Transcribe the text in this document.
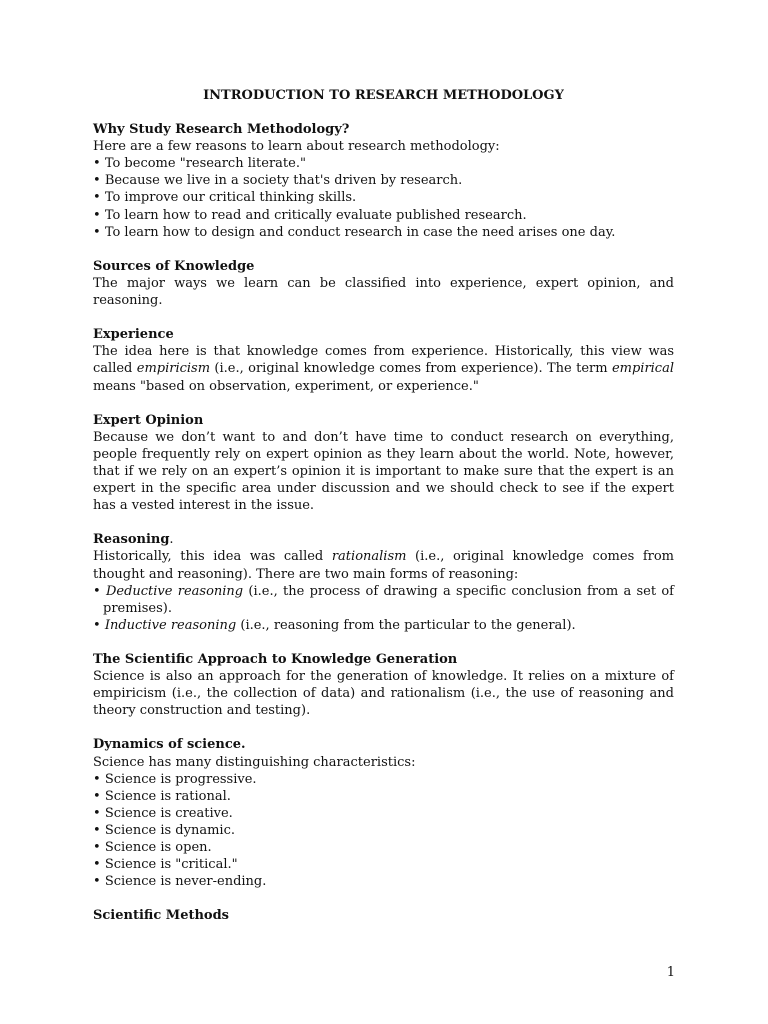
INTRODUCTION TO RESEARCH METHODOLOGY
Why Study Research Methodology?
Here are a few reasons to learn about research methodology:
• To become "research literate."
• Because we live in a society that's driven by research.
• To improve our critical thinking skills.
• To learn how to read and critically evaluate published research.
• To learn how to design and conduct research in case the need arises one day.
Sources of Knowledge
The major ways we learn can be classified into experience, expert opinion, and reasoning.
Experience
The idea here is that knowledge comes from experience. Historically, this view was called empiricism (i.e., original knowledge comes from experience). The term empirical means "based on observation, experiment, or experience."
Expert Opinion
Because we don’t want to and don’t have time to conduct research on everything, people frequently rely on expert opinion as they learn about the world. Note, however, that if we rely on an expert’s opinion it is important to make sure that the expert is an expert in the specific area under discussion and we should check to see if the expert has a vested interest in the issue.
Reasoning.
Historically, this idea was called rationalism (i.e., original knowledge comes from thought and reasoning). There are two main forms of reasoning:
• Deductive reasoning (i.e., the process of drawing a specific conclusion from a set of premises).
• Inductive reasoning (i.e., reasoning from the particular to the general).
The Scientific Approach to Knowledge Generation
Science is also an approach for the generation of knowledge. It relies on a mixture of empiricism (i.e., the collection of data) and rationalism (i.e., the use of reasoning and theory construction and testing).
Dynamics of science.
Science has many distinguishing characteristics:
• Science is progressive.
• Science is rational.
• Science is creative.
• Science is dynamic.
• Science is open.
• Science is "critical."
• Science is never-ending.
Scientific Methods
1
